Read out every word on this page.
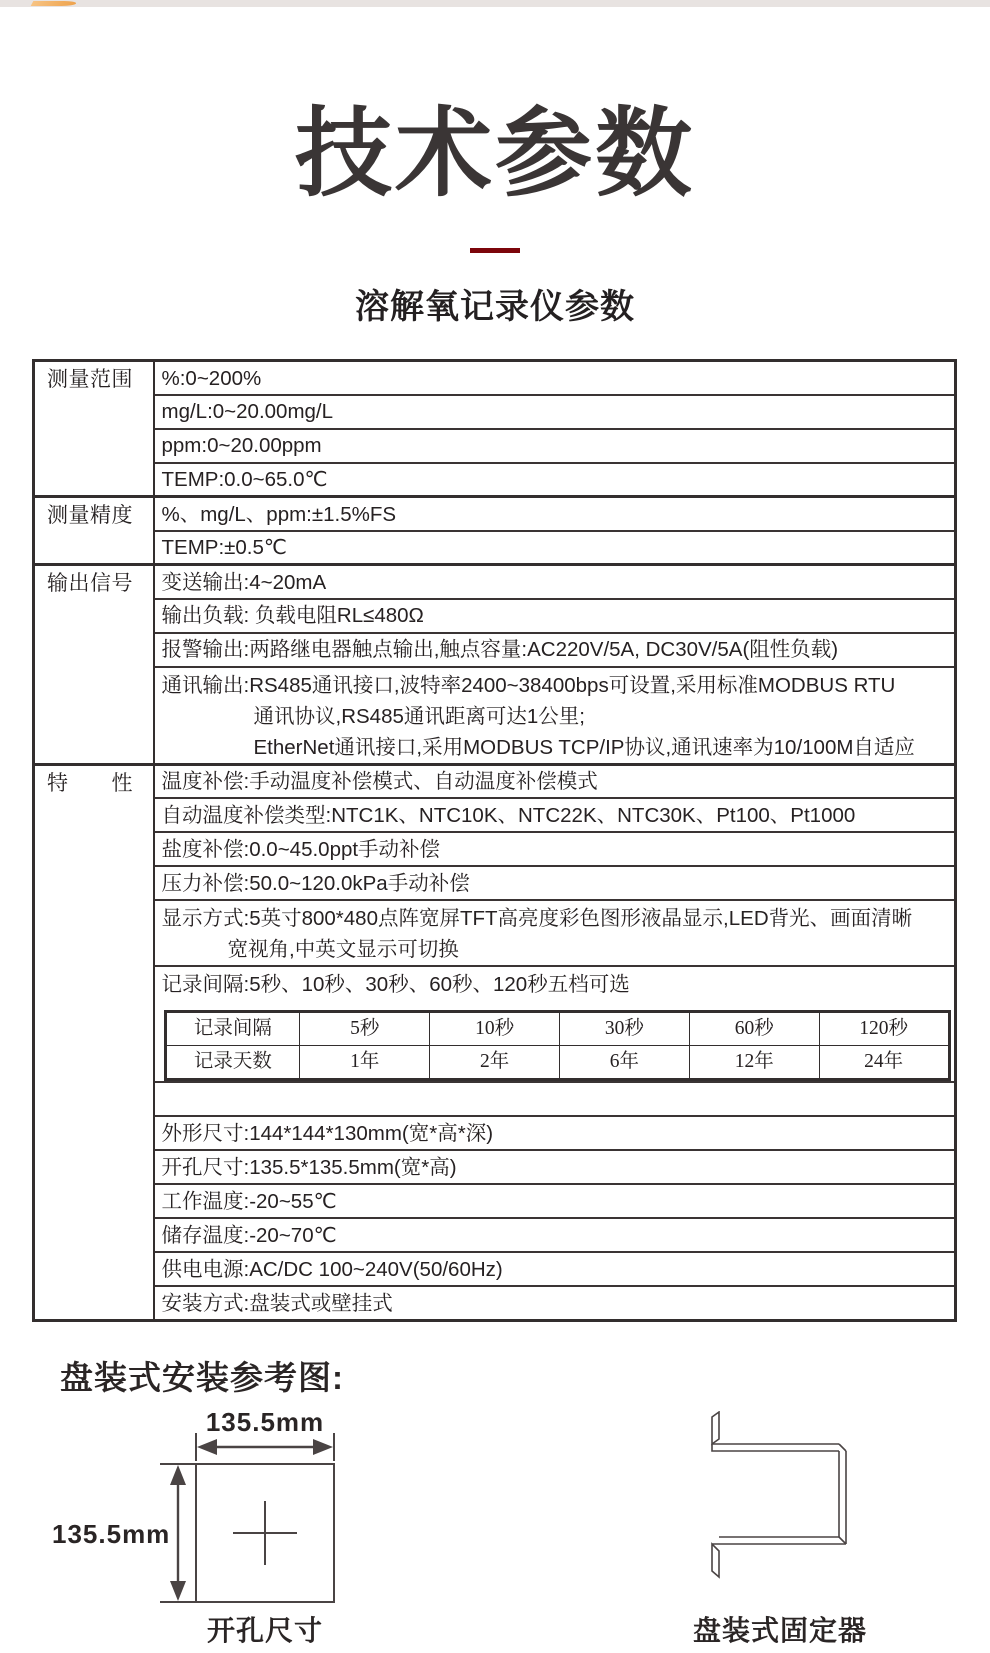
技术参数
溶解氧记录仪参数
测量范围	%:0~200%
mg/L:0~20.00mg/L
ppm:0~20.00ppm
TEMP:0.0~65.0℃
测量精度	%、mg/L、ppm:±1.5%FS
TEMP:±0.5℃
输出信号	变送输出:4~20mA
输出负载: 负载电阻RL≤480Ω
报警输出:两路继电器触点输出,触点容量:AC220V/5A, DC30V/5A(阻性负载)

通讯输出:RS485通讯接口,波特率2400~38400bps可设置,采用标准MODBUS RTU
通讯协议,RS485通讯距离可达1公里;
EtherNet通讯接口,采用MODBUS TCP/IP协议,通讯速率为10/100M自适应

特　　性	温度补偿:手动温度补偿模式、自动温度补偿模式
自动温度补偿类型:NTC1K、NTC10K、NTC22K、NTC30K、Pt100、Pt1000
盐度补偿:0.0~45.0ppt手动补偿
压力补偿:50.0~120.0kPa手动补偿

显示方式:5英寸800*480点阵宽屏TFT高亮度彩色图形液晶显示,LED背光、画面清晰
宽视角,中英文显示可切换

记录间隔:5秒、10秒、30秒、60秒、120秒五档可选
记录间隔	5秒	10秒	30秒	60秒	120秒
记录天数	1年	2年	6年	12年	24年

外形尺寸:144*144*130mm(宽*高*深)
开孔尺寸:135.5*135.5mm(宽*高)
工作温度:-20~55℃
储存温度:-20~70℃
供电电源:AC/DC 100~240V(50/60Hz)
安装方式:盘装式或壁挂式
盘装式安装参考图:
135.5mm
135.5mm
开孔尺寸	盘装式固定器
